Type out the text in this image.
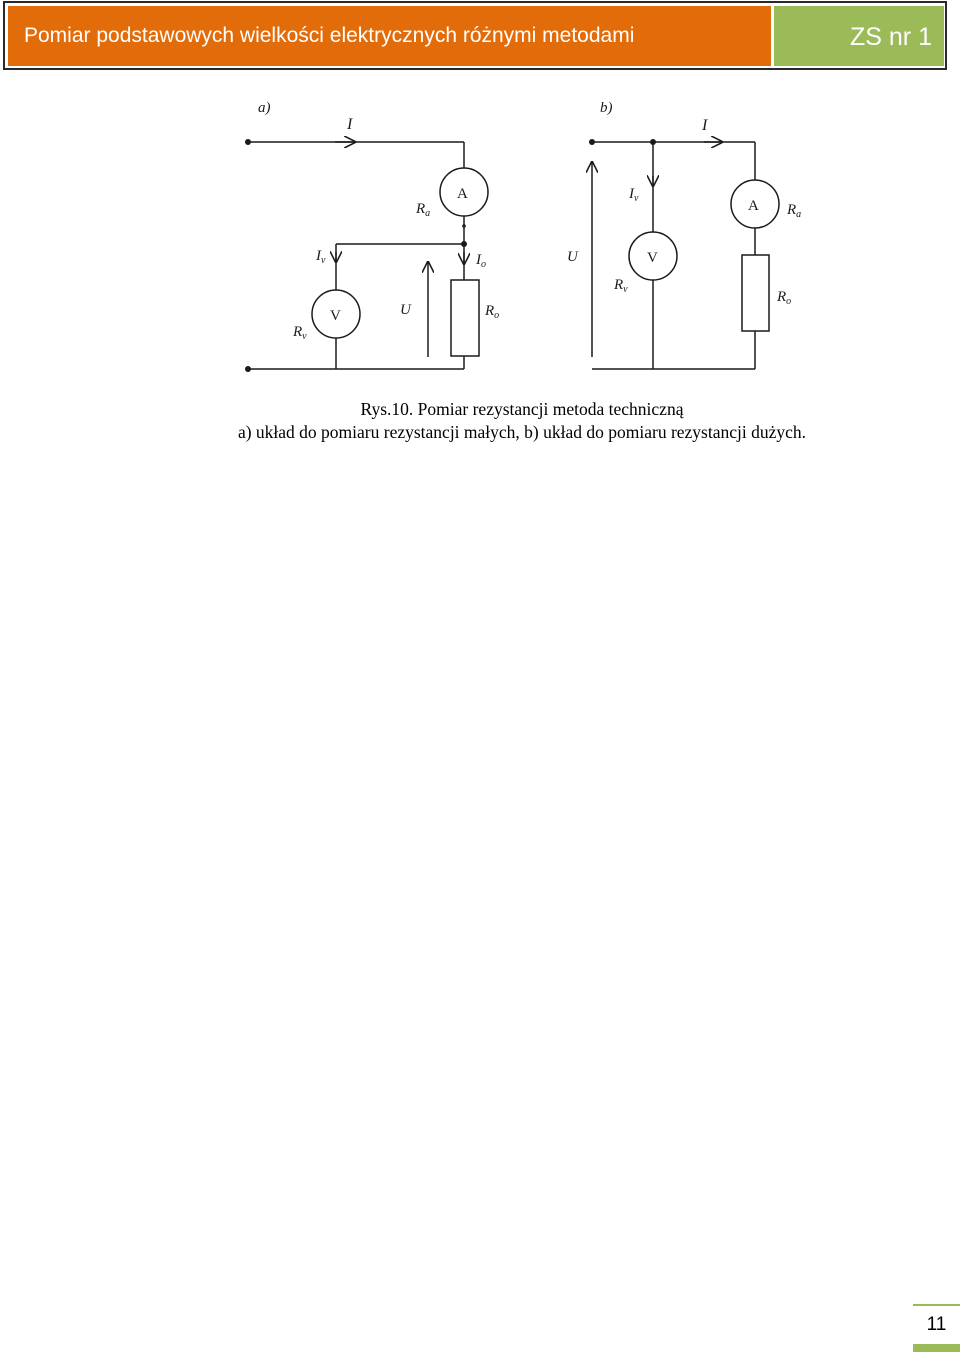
Pomiar podstawowych wielkości elektrycznych różnymi metodami	ZS nr 1
a)
I
A
$R_a$
$I_v$	$I_o$
U	$R_o$
V
$R_v$
b)
I
$I_v$	A $R_a$
U	V
$R_v$	$R_o$
Rys.10. Pomiar rezystancji metoda techniczną
a) układ do pomiaru rezystancji małych, b) układ do pomiaru rezystancji dużych.
11
